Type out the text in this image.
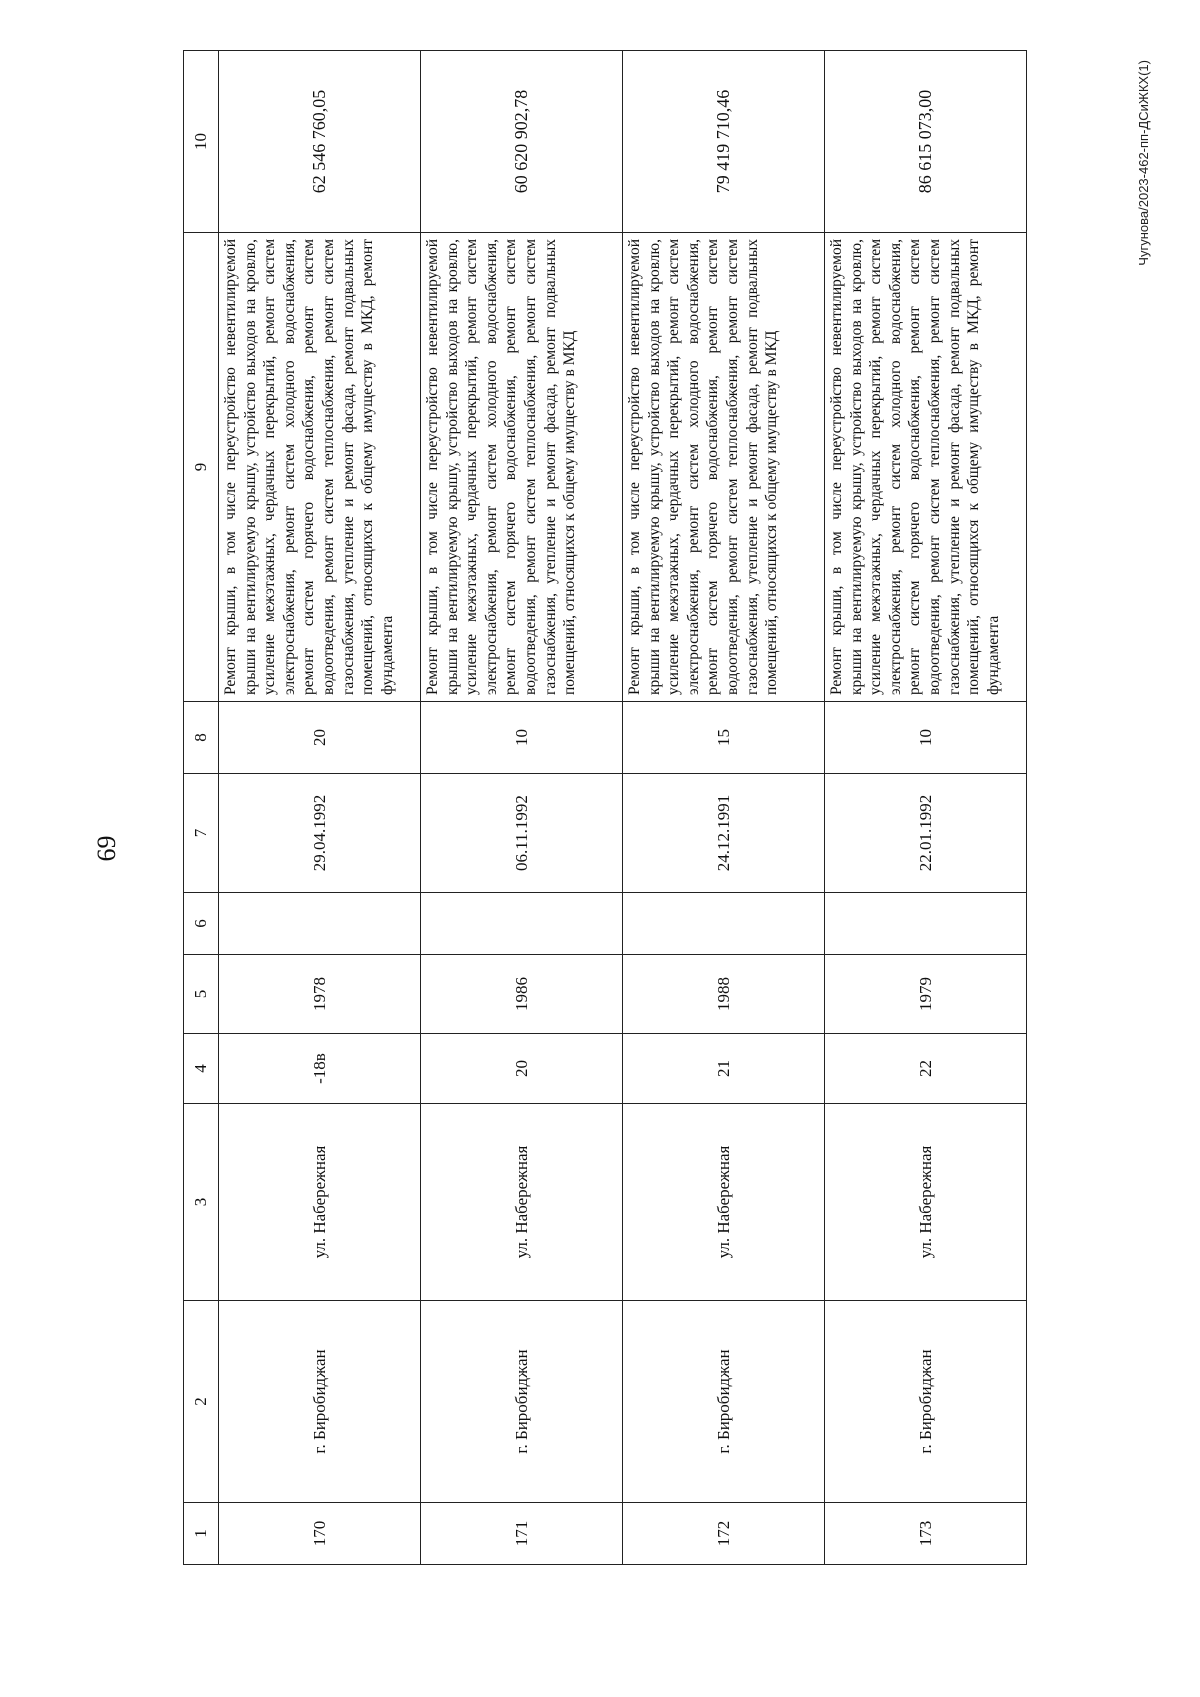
69
1	2	3	4	5	6	7	8	9	10
170	г. Биробиджан	ул. Набережная	-18в	1978		29.04.1992	20	Ремонт крыши, в том числе переустройство невентилируемой крыши на вентилируемую крышу, устройство выходов на кровлю, усиление межэтажных, чердачных перекрытий, ремонт систем электроснабжения, ремонт систем холодного водоснабжения, ремонт систем горячего водоснабжения, ремонт систем водоотведения, ремонт систем теплоснабжения, ремонт систем газоснабжения, утепление и ремонт фасада, ремонт подвальных помещений, относящихся к общему имуществу в МКД, ремонт фундамента	62 546 760,05
171	г. Биробиджан	ул. Набережная	20	1986		06.11.1992	10	Ремонт крыши, в том числе переустройство невентилируемой крыши на вентилируемую крышу, устройство выходов на кровлю, усиление межэтажных, чердачных перекрытий, ремонт систем электроснабжения, ремонт систем холодного водоснабжения, ремонт систем горячего водоснабжения, ремонт систем водоотведения, ремонт систем теплоснабжения, ремонт систем газоснабжения, утепление и ремонт фасада, ремонт подвальных помещений, относящихся к общему имуществу в МКД	60 620 902,78
172	г. Биробиджан	ул. Набережная	21	1988		24.12.1991	15	Ремонт крыши, в том числе переустройство невентилируемой крыши на вентилируемую крышу, устройство выходов на кровлю, усиление межэтажных, чердачных перекрытий, ремонт систем электроснабжения, ремонт систем холодного водоснабжения, ремонт систем горячего водоснабжения, ремонт систем водоотведения, ремонт систем теплоснабжения, ремонт систем газоснабжения, утепление и ремонт фасада, ремонт подвальных помещений, относящихся к общему имуществу в МКД	79 419 710,46
173	г. Биробиджан	ул. Набережная	22	1979		22.01.1992	10	Ремонт крыши, в том числе переустройство невентилируемой крыши на вентилируемую крышу, устройство выходов на кровлю, усиление межэтажных, чердачных перекрытий, ремонт систем электроснабжения, ремонт систем холодного водоснабжения, ремонт систем горячего водоснабжения, ремонт систем водоотведения, ремонт систем теплоснабжения, ремонт систем газоснабжения, утепление и ремонт фасада, ремонт подвальных помещений, относящихся к общему имуществу в МКД, ремонт фундамента	86 615 073,00	Чугунова/2023-462-пп-ДСиЖКХ(1)
